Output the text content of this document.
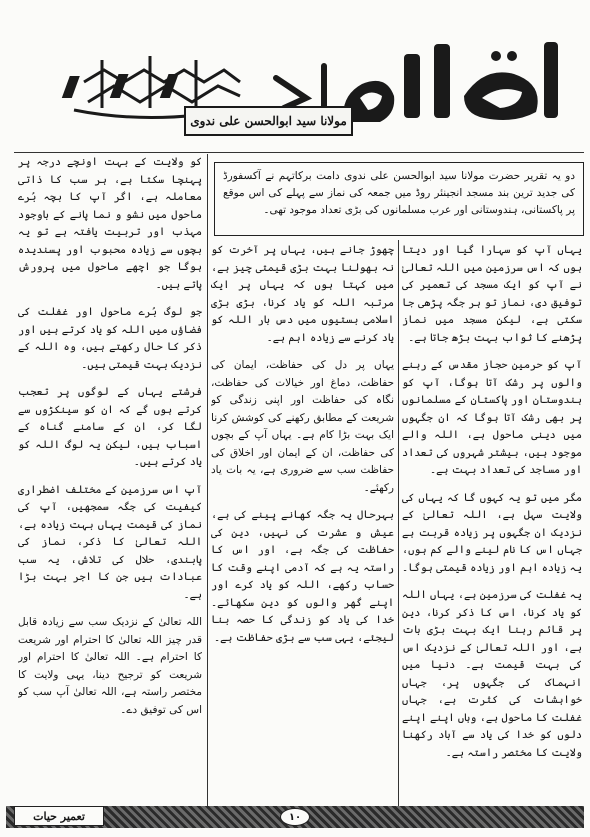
مولانا سید ابوالحسن علی ندوی
دو یہ تقریر حضرت مولانا سید ابوالحسن علی ندوی دامت برکاتہم نے آکسفورڈ کی جدید ترین بند مسجد انجینئر روڈ میں جمعہ کی نماز سے پہلے کی اس موقع پر پاکستانی، ہندوستانی اور عرب مسلمانوں کی بڑی تعداد موجود تھی۔

یہاں آپ کو سہارا گیا اور دیتا ہوں کہ اس سرزمین میں اللہ تعالیٰ نے آپ کو ایک مسجد کی تعمیر کی توفیق دی، نماز تو ہر جگہ پڑھی جا سکتی ہے، لیکن مسجد میں نماز پڑھنے کا ثواب بہت بڑھ جاتا ہے۔

آپ کو حرمین حجاز مقدس کے رہنے والوں پر رشک آتا ہوگا، آپ کو ہندوستان اور پاکستان کے مسلمانوں پر بھی رشک آتا ہوگا کہ ان جگہوں میں دینی ماحول ہے، اللہ والے موجود ہیں، بیشتر شہروں کی تعداد اور مساجد کی تعداد بہت ہے۔

مگر میں تو یہ کہوں گا کہ یہاں کی ولایت سہل ہے، اللہ تعالیٰ کے نزدیک ان جگہوں پر زیادہ قربت ہے جہاں اس کا نام لینے والے کم ہوں، یہ زیادہ اہم اور زیادہ قیمتی ہوگا۔

یہ غفلت کی سرزمین ہے، یہاں اللہ کو یاد کرنا، اس کا ذکر کرنا، دین پر قائم رہنا ایک بہت بڑی بات ہے، اور اللہ تعالیٰ کے نزدیک اس کی بہت قیمت ہے۔ دنیا میں انہماک کی جگہوں پر، جہاں خواہشات کی کثرت ہے، جہاں غفلت کا ماحول ہے، وہاں اپنے اپنے دلوں کو خدا کی یاد سے آباد رکھنا ولایت کا مختصر راستہ ہے۔

چھوڑ جانے ہیں، یہاں پر آخرت کو نہ بھولنا بہت بڑی قیمتی چیز ہے، میں کہتا ہوں کہ یہاں پر ایک مرتبہ اللہ کو یاد کرنا، بڑی بڑی اسلامی بستیوں میں دس بار اللہ کو یاد کرنے سے زیادہ اہم ہے۔

یہاں پر دل کی حفاظت، ایمان کی حفاظت، دماغ اور خیالات کی حفاظت، نگاہ کی حفاظت اور اپنی زندگی کو شریعت کے مطابق رکھنے کی کوشش کرنا ایک بہت بڑا کام ہے۔ یہاں آپ کے بچوں کی حفاظت، ان کے ایمان اور اخلاق کی حفاظت سب سے ضروری ہے، یہ بات یاد رکھئے۔

بہرحال یہ جگہ کھانے پینے کی ہے، عیش و عشرت کی نہیں، دین کی حفاظت کی جگہ ہے، اور اس کا راستہ یہ ہے کہ آدمی اپنے وقت کا حساب رکھے، اللہ کو یاد کرے اور اپنے گھر والوں کو دین سکھائے۔ خدا کی یاد کو زندگی کا حصہ بنا لیجئے، یہی سب سے بڑی حفاظت ہے۔

کو ولایت کے بہت اونچے درجہ پر پہنچا سکتا ہے، ہر سب کا ذاتی معاملہ ہے، اگر آپ کا بچہ بُرے ماحول میں نشو و نما پانے کے باوجود مہذب اور تربیت یافتہ ہے تو یہ بچوں سے زیادہ محبوب اور پسندیدہ ہوگا جو اچھے ماحول میں پرورش پاتے ہیں۔

جو لوگ بُرے ماحول اور غفلت کی فضاؤں میں اللہ کو یاد کرتے ہیں اور ذکر کا حال رکھتے ہیں، وہ اللہ کے نزدیک بہت قیمتی ہیں۔

فرشتے یہاں کے لوگوں پر تعجب کرتے ہوں گے کہ ان کو سینکڑوں سے لگا کر، ان کے سامنے گناہ کے اسباب ہیں، لیکن یہ لوگ اللہ کو یاد کرتے ہیں۔

آپ اس سرزمین کے مختلف اضطراری کیفیت کی جگہ سمجھیں، آپ کی نماز کی قیمت یہاں بہت زیادہ ہے، اللہ تعالیٰ کا ذکر، نماز کی پابندی، حلال کی تلاش، یہ سب عبادات ہیں جن کا اجر بہت بڑا ہے۔

اللہ تعالیٰ کے نزدیک سب سے زیادہ قابل قدر چیز اللہ تعالیٰ کا احترام اور شریعت کا احترام ہے۔ اللہ تعالیٰ کا احترام اور شریعت کو ترجیح دینا، یہی ولایت کا مختصر راستہ ہے، اللہ تعالیٰ آپ سب کو اس کی توفیق دے۔

تعمیر حیات	۱۰
